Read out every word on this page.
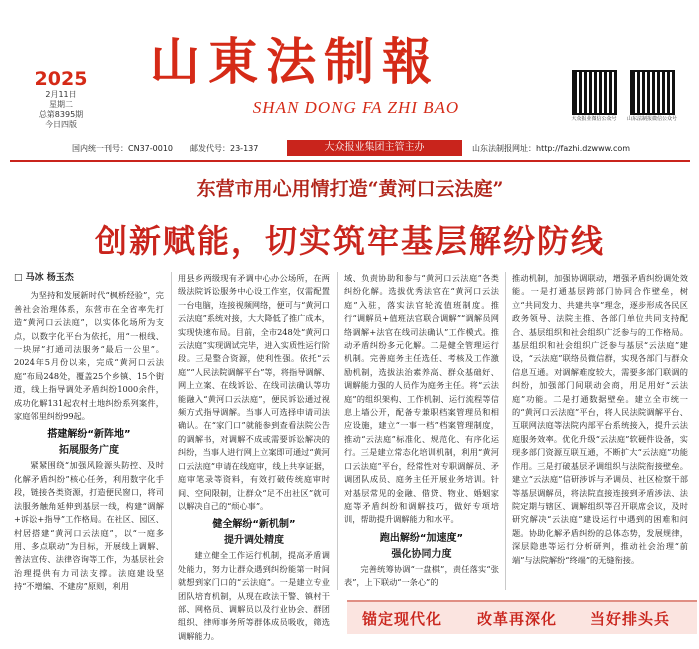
2025
2月11日
星期二
总第8395期
今日四版
山東法制報
SHAN DONG FA ZHI BAO
大众报业微信公众号	山东法制报微信公众号
国内统一刊号：CN37-0010 邮发代号：23-137	大众报业集团主管主办	山东法制报网址：http://fazhi.dzwww.com
东营市用心用情打造“黄河口云法庭”
创新赋能，切实筑牢基层解纷防线
□ 马冰 杨玉杰

为坚持和发展新时代“枫桥经验”，完善社会治理体系，东营市在全省率先打造“黄河口云法庭”，以实体化场所为支点，以数字化平台为依托，用“一根线、一块屏”打通司法服务“最后一公里”。2024年5月份以来，完成“黄河口云法庭”布局248处，覆盖25个乡镇、15个街道，线上指导调处矛盾纠纷1000余件，成功化解131起农村土地纠纷系列案件，家庭邻里纠纷99起。

搭建解纷“新阵地”
拓展服务广度

紧紧围绕“加强风险源头防控、及时化解矛盾纠纷”核心任务，利用数字化手段，链接各类资源，打造便民窗口，将司法服务触角延伸到基层一线，构建“调解+诉讼+指导”工作格局。在社区、园区、村居搭建“黄河口云法庭”，以“一庭多用、多点联动”为目标，开展线上调解、普法宣传、法律咨询等工作，为基层社会治理提供有力司法支撑。法庭建设坚持“不增编、不建房”原则，利用

用县乡两级现有矛调中心办公场所，在两级法院诉讼服务中心设工作室，仅需配置一台电脑，连接视频网络，便可与“黄河口云法庭”系统对接，大大降低了推广成本，实现快速布局。目前，全市248处“黄河口云法庭”实现调试完毕，进入实质性运行阶段。三是整合资源，使利性强。依托“云庭”“人民法院调解平台”等，将指导调解、网上立案、在线诉讼、在线司法确认等功能融入“黄河口云法庭”，便民诉讼通过视频方式指导调解。当事人可选择申请司法确认。在“家门口”就能参到查看法院公告的调解书，对调解不成或需要诉讼解决的纠纷，当事人进行网上立案即可通过“黄河口云法庭”申请在线庭审，线上共享证据，庭审笔录等资料，有效打破传统庭审时间、空间限制，让群众“足不出社区”就可以解决自己的“烦心事”。

健全解纷“新机制”
提升调处精度

建立健全工作运行机制，提高矛盾调处能力，努力让群众遇到纠纷能第一时间就想到家门口的“云法庭”。一是建立专业团队培育机制，从现在政法干警、镇村干部、网格员、调解员以及行业协会、群团组织、律师事务所等群体成员吸收，筛选调解能力。

域、负责协助和参与“黄河口云法庭”各类纠纷化解。选拔优秀法官在“黄河口云法庭”入驻，落实法官轮流值班制度。推行“调解员+值班法官联合调解”“调解员网络调解+法官在线司法确认”工作模式。推动矛盾纠纷多元化解。二是健全管理运行机制。完善庭务主任选任、考核及工作激励机制，选拔法治素养高、群众基础好、调解能力强的人员作为庭务主任。将“云法庭”的组织架构、工作机制、运行流程等信息上墙公开，配备专兼职档案管理员和相应设施，建立“一事一档”档案管理制度，推动“云法庭”标准化、规范化、有序化运行。三是建立常态化培训机制，利用“黄河口云法庭”平台，经常性对专职调解员、矛调团队成员、庭务主任开展业务培训。针对基层常见的金融、借贷、物业、婚姻家庭等矛盾纠纷和调解技巧，做好专项培训，帮助提升调解能力和水平。

跑出解纷“加速度”
强化协同力度

完善统筹协调“一盘棋”，责任落实“张表”，上下联动“一条心”的

推动机制，加强协调联动，增强矛盾纠纷调处效能。一是打通基层跨部门协同合作壁垒，树立“共同发力、共建共享”理念，逐步形成各民区政务领导、法院主推、各部门单位共同支持配合、基层组织和社会组织广泛参与的工作格局。基层组织和社会组织广泛参与基层“云法庭”建设，“云法庭”联络员微信群，实现各部门与群众信息互通。对调解难度较大，需要多部门联调的纠纷，加强部门间联动会商，用足用好“云法庭”功能。二是打通数据壁垒。建立全市统一的“黄河口云法庭”平台，将人民法院调解平台、互联网法庭等法院内部平台系统接入，提升云法庭服务效率。优化升级“云法庭”软硬件设备，实现多部门资源互联互通，不断扩大“云法庭”功能作用。三是打破基层矛调组织与法院衔接壁垒。建立“云法庭”信研涉诉与矛调员、社区检察干部等基层调解员，将法院直接连接到矛盾涉法、法院定期与辖区、调解组织等召开联席会议，及时研究解决“云法庭”建设运行中遇到的困难和问题。协助化解矛盾纠纷的总体态势，发展规律，深层隐患等运行分析研判，推动社会治理“前端”与法院解纷“终端”的无缝衔接。

锚定现代化 改革再深化 当好排头兵
